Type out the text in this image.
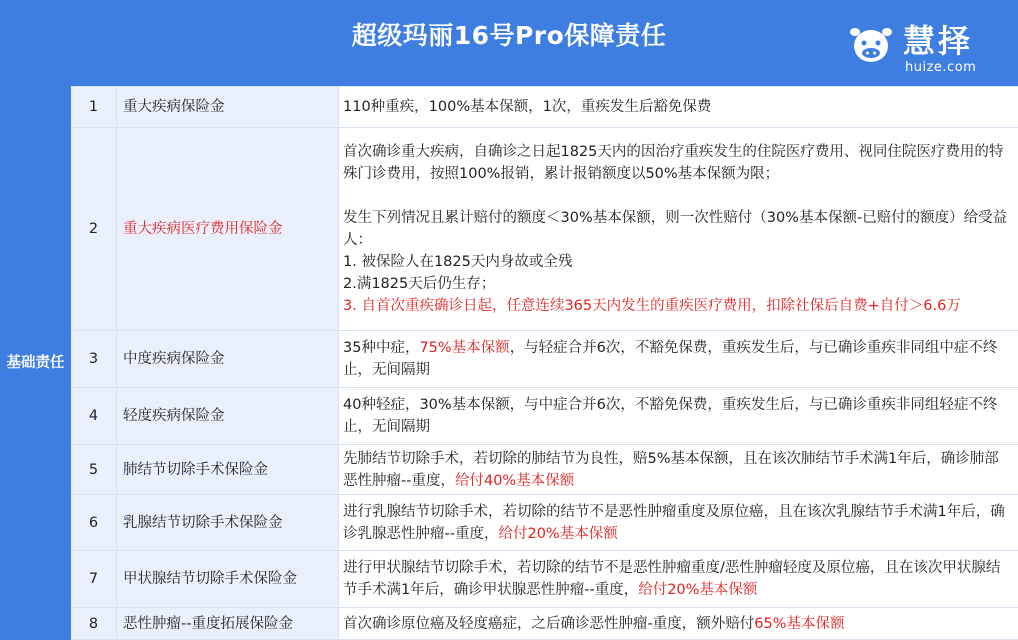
超级玛丽16号Pro保障责任	慧择
huize.com
基础责任	1	重大疾病保险金	110种重疾，100%基本保额，1次，重疾发生后豁免保费
	2	重大疾病医疗费用保险金	首次确诊重大疾病，自确诊之日起1825天内的因治疗重疾发生的住院医疗费用、视同住院医疗费用的特殊门诊费用，按照100%报销，累计报销额度以50%基本保额为限；
发生下列情况且累计赔付的额度＜30%基本保额，则一次性赔付（30%基本保额-已赔付的额度）给受益人：
1. 被保险人在1825天内身故或全残
2.满1825天后仍生存；
3. 自首次重疾确诊日起，任意连续365天内发生的重疾医疗费用，扣除社保后自费+自付＞6.6万

	3	中度疾病保险金	35种中症，75%基本保额，与轻症合并6次，不豁免保费，重疾发生后，与已确诊重疾非同组中症不终止，无间隔期
	4	轻度疾病保险金	40种轻症，30%基本保额，与中症合并6次，不豁免保费，重疾发生后，与已确诊重疾非同组轻症不终止，无间隔期
	5	肺结节切除手术保险金	先肺结节切除手术，若切除的肺结节为良性，赔5%基本保额，且在该次肺结节手术满1年后，确诊肺部恶性肿瘤--重度，给付40%基本保额
	6	乳腺结节切除手术保险金	进行乳腺结节切除手术，若切除的结节不是恶性肿瘤重度及原位癌，且在该次乳腺结节手术满1年后，确诊乳腺恶性肿瘤--重度，给付20%基本保额
	7	甲状腺结节切除手术保险金	进行甲状腺结节切除手术，若切除的结节不是恶性肿瘤重度/恶性肿瘤轻度及原位癌，且在该次甲状腺结节手术满1年后，确诊甲状腺恶性肿瘤--重度，给付20%基本保额
	8	恶性肿瘤--重度拓展保险金	首次确诊原位癌及轻度癌症，之后确诊恶性肿瘤-重度，额外赔付65%基本保额
